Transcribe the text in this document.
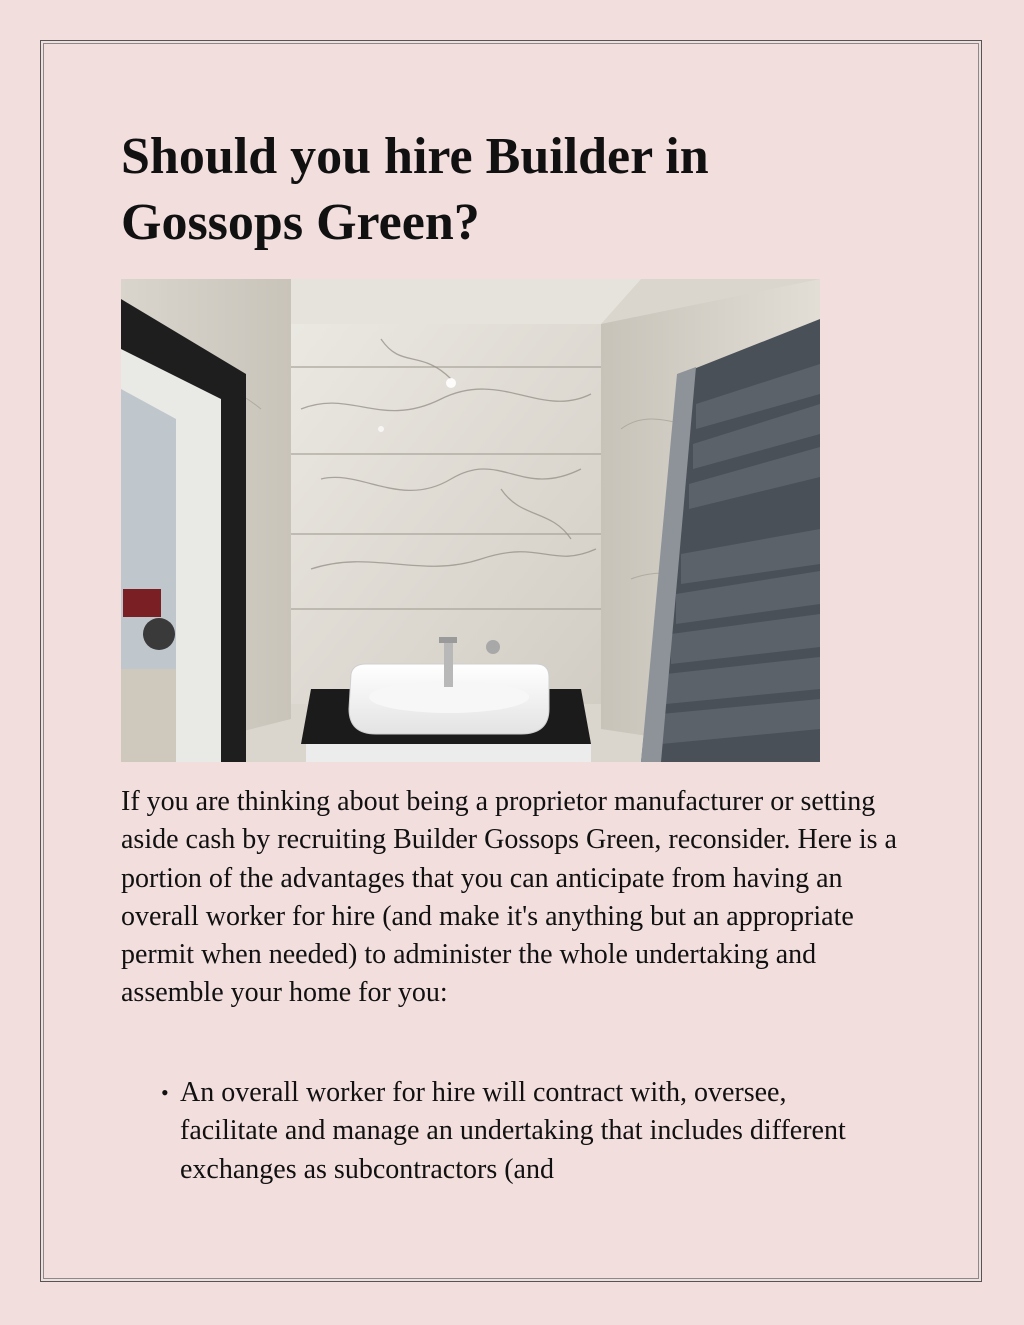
Should you hire Builder in Gossops Green?

If you are thinking about being a proprietor manufacturer or setting aside cash by recruiting Builder Gossops Green, reconsider. Here is a portion of the advantages that you can anticipate from having an overall worker for hire (and make it's anything but an appropriate permit when needed) to administer the whole undertaking and assemble your home for you:

• An overall worker for hire will contract with, oversee, facilitate and manage an undertaking that includes different exchanges as subcontractors (and
